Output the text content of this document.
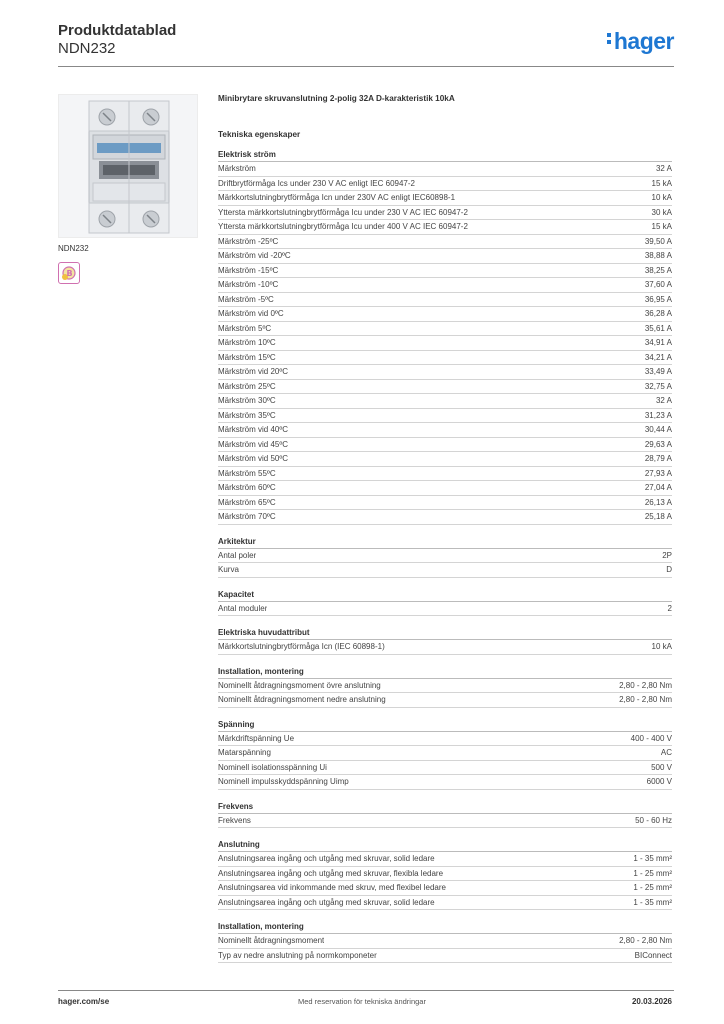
Produktdatablad
NDN232	hager
NDN232
B
Minibrytare skruvanslutning 2-polig 32A D-karakteristik 10kA
Tekniska egenskaper
Elektrisk ström
Märkström	32 A
Driftbrytförmåga Ics under 230 V AC enligt IEC 60947-2	15 kA
Märkkortslutningbrytförmåga Icn under 230V AC enligt IEC60898-1	10 kA
Yttersta märkkortslutningbrytförmåga Icu under 230 V AC IEC 60947-2	30 kA
Yttersta märkkortslutningbrytförmåga Icu under 400 V AC IEC 60947-2	15 kA
Märkström -25ºC	39,50 A
Märkström vid -20ºC	38,88 A
Märkström -15ºC	38,25 A
Märkström -10ºC	37,60 A
Märkström -5ºC	36,95 A
Märkström vid 0ºC	36,28 A
Märkström 5ºC	35,61 A
Märkström 10ºC	34,91 A
Märkström 15ºC	34,21 A
Märkström vid 20ºC	33,49 A
Märkström 25ºC	32,75 A
Märkström 30ºC	32 A
Märkström 35ºC	31,23 A
Märkström vid 40ºC	30,44 A
Märkström vid 45ºC	29,63 A
Märkström vid 50ºC	28,79 A
Märkström 55ºC	27,93 A
Märkström 60ºC	27,04 A
Märkström 65ºC	26,13 A
Märkström 70ºC	25,18 A
Arkitektur
Antal poler	2P
Kurva	D
Kapacitet
Antal moduler	2
Elektriska huvudattribut
Märkkortslutningbrytförmåga Icn (IEC 60898-1)	10 kA
Installation, montering
Nominellt åtdragningsmoment övre anslutning	2,80 - 2,80 Nm
Nominellt åtdragningsmoment nedre anslutning	2,80 - 2,80 Nm
Spänning
Märkdriftspänning Ue	400 - 400 V
Matarspänning	AC
Nominell isolationsspänning Ui	500 V
Nominell impulsskyddspänning Uimp	6000 V
Frekvens
Frekvens	50 - 60 Hz
Anslutning
Anslutningsarea ingång och utgång med skruvar, solid ledare	1 - 35 mm²
Anslutningsarea ingång och utgång med skruvar, flexibla ledare	1 - 25 mm²
Anslutningsarea vid inkommande med skruv, med flexibel ledare	1 - 25 mm²
Anslutningsarea ingång och utgång med skruvar, solid ledare	1 - 35 mm²
Installation, montering
Nominellt åtdragningsmoment	2,80 - 2,80 Nm
Typ av nedre anslutning på normkomponeter	BIConnect
hager.com/se	Med reservation för tekniska ändringar	20.03.2026
